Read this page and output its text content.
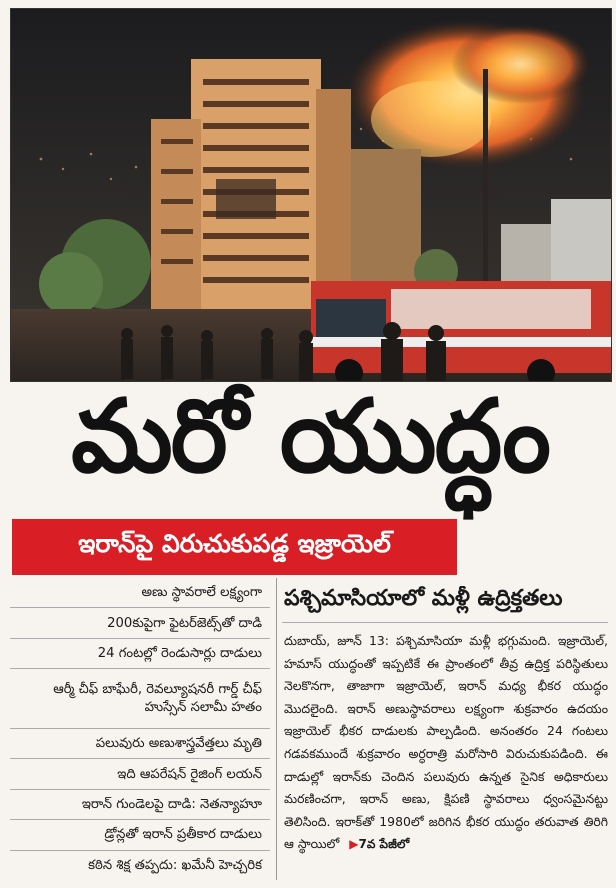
మరో యుద్ధం
ఇరాన్‌పై విరుచుకుపడ్డ ఇజ్రాయెల్
అణు స్థావరాలే లక్ష్యంగా
200కుపైగా ఫైటర్‌జెట్స్‌తో దాడి
24 గంటల్లో రెండుసార్లు దాడులు
ఆర్మీ చీఫ్ బాఘేరీ, రెవల్యూషనరీ గార్డ్ చీఫ్ హుస్సేన్ సలామీ హతం
పలువురు అణుశాస్త్రవేత్తలు మృతి
ఇది ఆపరేషన్ రైజింగ్ లయన్
ఇరాన్ గుండెలపై దాడి: నెతన్యాహూ
డ్రోన్లతో ఇరాన్ ప్రతీకార దాడులు
కఠిన శిక్ష తప్పదు: ఖమేనీ హెచ్చరిక
పశ్చిమాసియాలో మళ్లీ ఉద్రిక్తతలు
దుబాయ్, జూన్ 13: పశ్చిమాసియా మళ్లీ భగ్గుమంది. ఇజ్రాయెల్, హమాస్ యుద్ధంతో ఇప్పటికే ఈ ప్రాంతంలో తీవ్ర ఉద్రిక్త పరిస్థితులు నెలకొనగా, తాజాగా ఇజ్రాయెల్, ఇరాన్ మధ్య భీకర యుద్ధం మొదలైంది. ఇరాన్ అణుస్థావరాలు లక్ష్యంగా శుక్రవారం ఉదయం ఇజ్రాయెల్ భీకర దాడులకు పాల్పడింది. అనంతరం 24 గంటలు గడవకముందే శుక్రవారం అర్ధరాత్రి మరోసారి విరుచుకుపడింది. ఈ దాడుల్లో ఇరాన్‌కు చెందిన పలువురు ఉన్నత సైనిక అధికారులు మరణించగా, ఇరాన్ అణు, క్షిపణి స్థావరాలు ధ్వంసమైనట్టు తెలిసింది. ఇరాక్‌తో 1980లో జరిగిన భీకర యుద్ధం తరువాత తిరిగి ఆ స్థాయిలో ▶7వ పేజీలో
